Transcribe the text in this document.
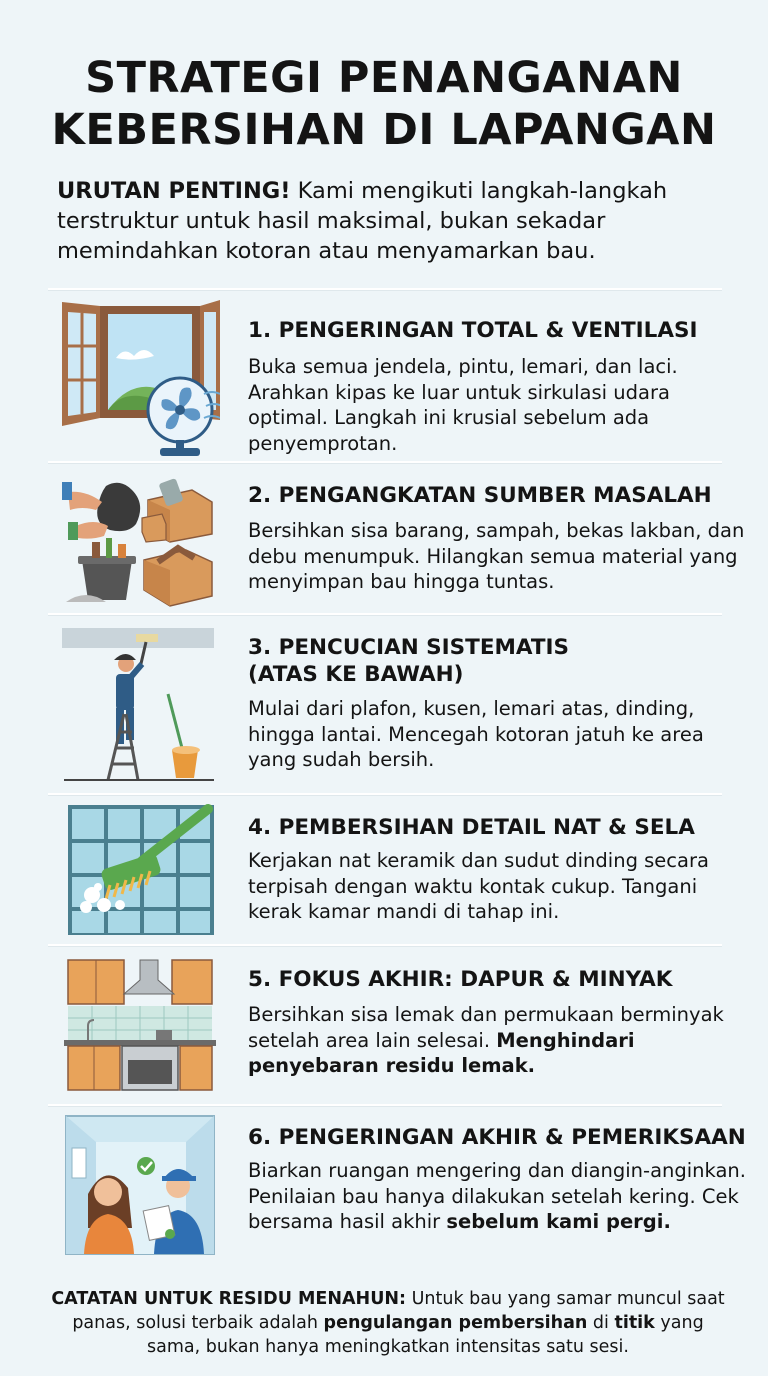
STRATEGI PENANGANAN
KEBERSIHAN DI LAPANGAN
URUTAN PENTING! Kami mengikuti langkah-langkah terstruktur untuk hasil maksimal, bukan sekadar memindahkan kotoran atau menyamarkan bau.
1. PENGERINGAN TOTAL & VENTILASI
Buka semua jendela, pintu, lemari, dan laci. Arahkan kipas ke luar untuk sirkulasi udara optimal. Langkah ini krusial sebelum ada penyemprotan.
2. PENGANGKATAN SUMBER MASALAH
Bersihkan sisa barang, sampah, bekas lakban, dan debu menumpuk. Hilangkan semua material yang menyimpan bau hingga tuntas.
3. PENCUCIAN SISTEMATIS
(ATAS KE BAWAH)
Mulai dari plafon, kusen, lemari atas, dinding, hingga lantai. Mencegah kotoran jatuh ke area yang sudah bersih.
4. PEMBERSIHAN DETAIL NAT & SELA
Kerjakan nat keramik dan sudut dinding secara terpisah dengan waktu kontak cukup. Tangani kerak kamar mandi di tahap ini.
5. FOKUS AKHIR: DAPUR & MINYAK
Bersihkan sisa lemak dan permukaan berminyak setelah area lain selesai. Menghindari penyebaran residu lemak.
6. PENGERINGAN AKHIR & PEMERIKSAAN
Biarkan ruangan mengering dan diangin-anginkan. Penilaian bau hanya dilakukan setelah kering. Cek bersama hasil akhir sebelum kami pergi.
CATATAN UNTUK RESIDU MENAHUN: Untuk bau yang samar muncul saat panas, solusi terbaik adalah pengulangan pembersihan di titik yang sama, bukan hanya meningkatkan intensitas satu sesi.
